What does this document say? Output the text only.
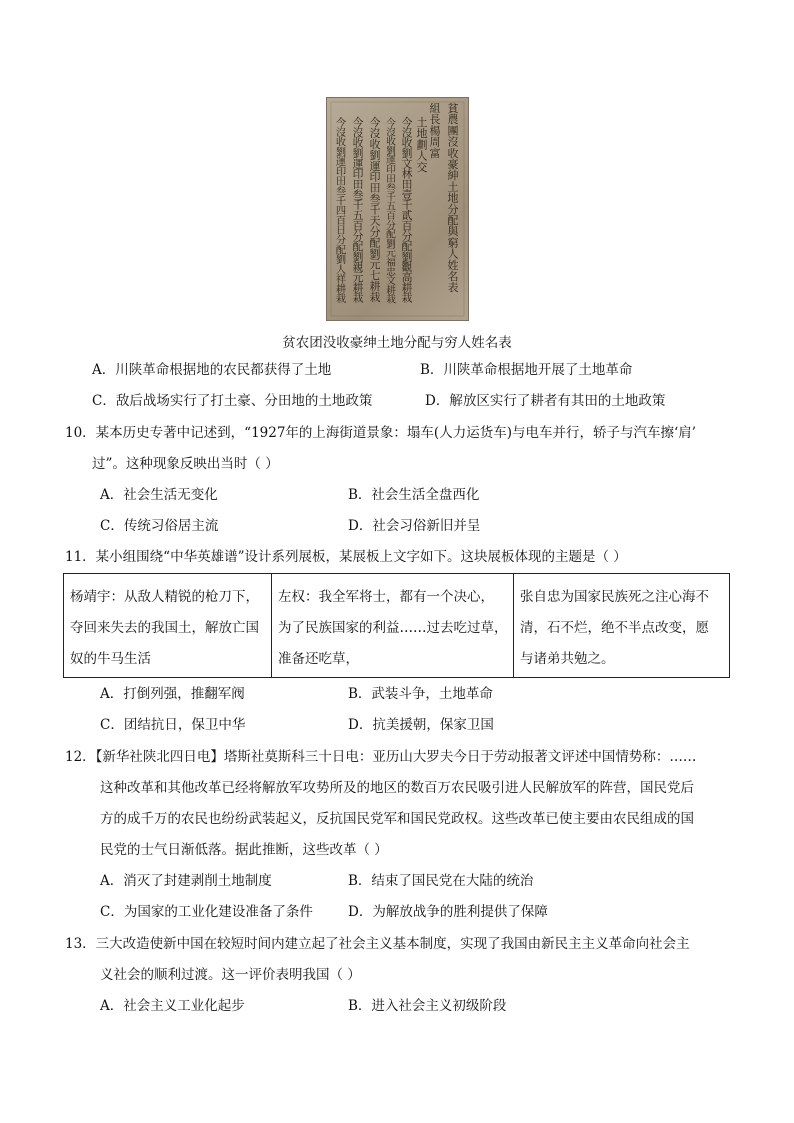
貧
農
團
沒
收
豪
紳
土
地
分
配
與
窮
人
姓
名
表
組
長
楊
周
富
土
地
劃
人
交
今
沒
收
劉
文
林
田
壹
千
貳
百
分
配
劉
觀
高
耕
栽
今
沒
收
劉
運
印
田
叁
千
五
百
分
配
劉
元
福
忠
文
耕
栽
今
沒
收
劉
運
印
田
叁
千
天
分
配
劉
元
七
耕
栽
今
沒
收
劉
運
印
田
叁
千
五
百
分
配
劉
親
元
耕
栽
今
沒
收
劉
運
印
田
叁
千
四
百
日
分
配
劉
人
祥
耕
栽
贫农团没收豪绅土地分配与穷人姓名表
A．川陕革命根据地的农民都获得了土地	B．川陕革命根据地开展了土地革命
C．敌后战场实行了打土豪、分田地的土地政策	D．解放区实行了耕者有其田的土地政策
10．某本历史专著中记述到，“1927年的上海街道景象：塌车(人力运货车)与电车并行，轿子与汽车擦‘肩’
过”。这种现象反映出当时（ ）
A．社会生活无变化	B．社会生活全盘西化
C．传统习俗居主流	D．社会习俗新旧并呈
11．某小组围绕“中华英雄谱”设计系列展板，某展板上文字如下。这块展板体现的主题是（ ）
杨靖宇：从敌人精锐的枪刀下，
夺回来失去的我国土，解放亡国
奴的牛马生活

左权：我全军将士，都有一个决心，
为了民族国家的利益……过去吃过草，
准备还吃草，

张自忠为国家民族死之注心海不
清，石不烂，绝不半点改变，愿
与诸弟共勉之。
A．打倒列强，推翻军阀	B．武装斗争，土地革命
C．团结抗日，保卫中华	D．抗美援朝，保家卫国
12．【新华社陕北四日电】塔斯社莫斯科三十日电：亚历山大罗夫今日于劳动报著文评述中国情势称：……
这种改革和其他改革已经将解放军攻势所及的地区的数百万农民吸引进人民解放军的阵营，国民党后
方的成千万的农民也纷纷武装起义，反抗国民党军和国民党政权。这些改革已使主要由农民组成的国
民党的士气日渐低落。据此推断，这些改革（ ）
A．消灭了封建剥削土地制度	B．结束了国民党在大陆的统治
C．为国家的工业化建设准备了条件	D．为解放战争的胜利提供了保障
13．三大改造使新中国在较短时间内建立起了社会主义基本制度，实现了我国由新民主主义革命向社会主
义社会的顺利过渡。这一评价表明我国（ ）
A．社会主义工业化起步	B．进入社会主义初级阶段
